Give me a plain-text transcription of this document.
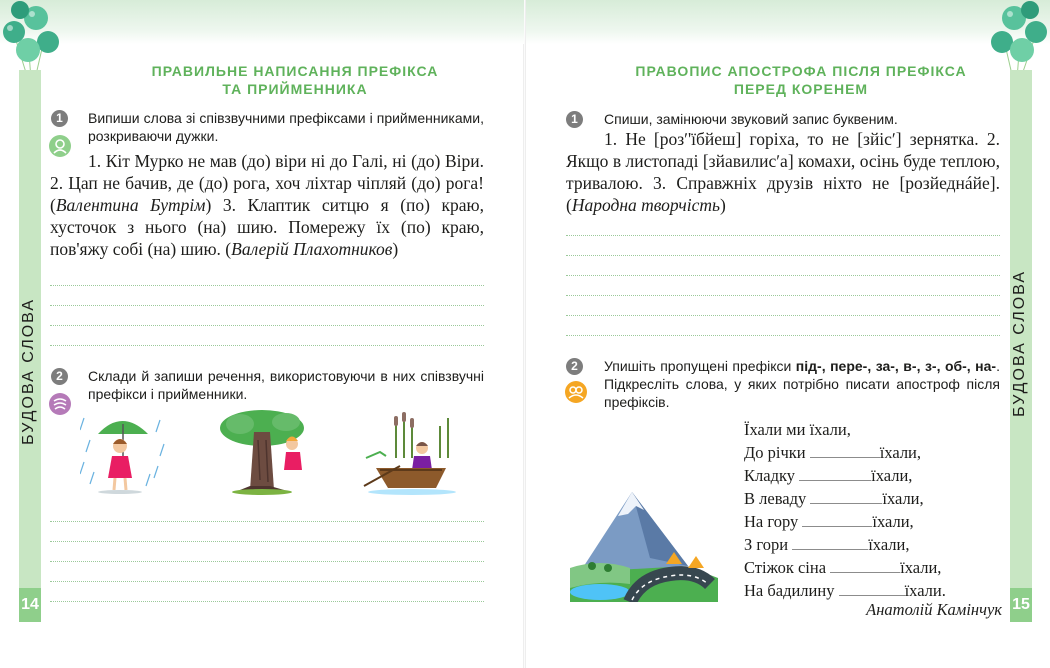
14
БУДОВА СЛОВА
ПРАВИЛЬНЕ НАПИСАННЯ ПРЕФІКСА
ТА ПРИЙМЕННИКА
1	Випиши слова зі співзвучними префіксами і прийменниками, розкриваючи дужки.
1. Кіт Мурко не мав (до) віри ні до Галі, ні (до) Віри. 2. Цап не бачив, де (до) рога, хоч ліхтар чіпляй (до) рога! (Валентина Бутрім) 3. Клаптик ситцю я (по) краю, хусточок з нього (на) шию. Помережу їх (по) краю, пов'яжу собі (на) шию. (Валерій Плахотников)
2	Склади й запиши речення, використовуючи в них співзвучні префікси і прийменники.
15
БУДОВА СЛОВА
ПРАВОПИС АПОСТРОФА ПІСЛЯ ПРЕФІКСА
ПЕРЕД КОРЕНЕМ
1	Спиши, замінюючи звуковий запис буквеним.
1. Не [розʹ'їбйеш] горіха, то не [зйісʹ] зернятка. 2. Якщо в листопаді [зйавилисʹа] комахи, осінь буде теплою, тривалою. 3. Справжніх друзів ніхто не [розйеднáйе]. (Народна творчість)
2	Упишіть пропущені префікси під-, пере-, за-, в-, з-, об-, на-. Підкресліть слова, у яких потрібно писати апостроф після префіксів.
Їхали ми їхали,
До річки	їхали,
Кладку	їхали,
В леваду	їхали,
На гору	їхали,
З гори	їхали,
Стіжок сіна	їхали,
На бадилину	їхали.
Анатолій Камінчук
